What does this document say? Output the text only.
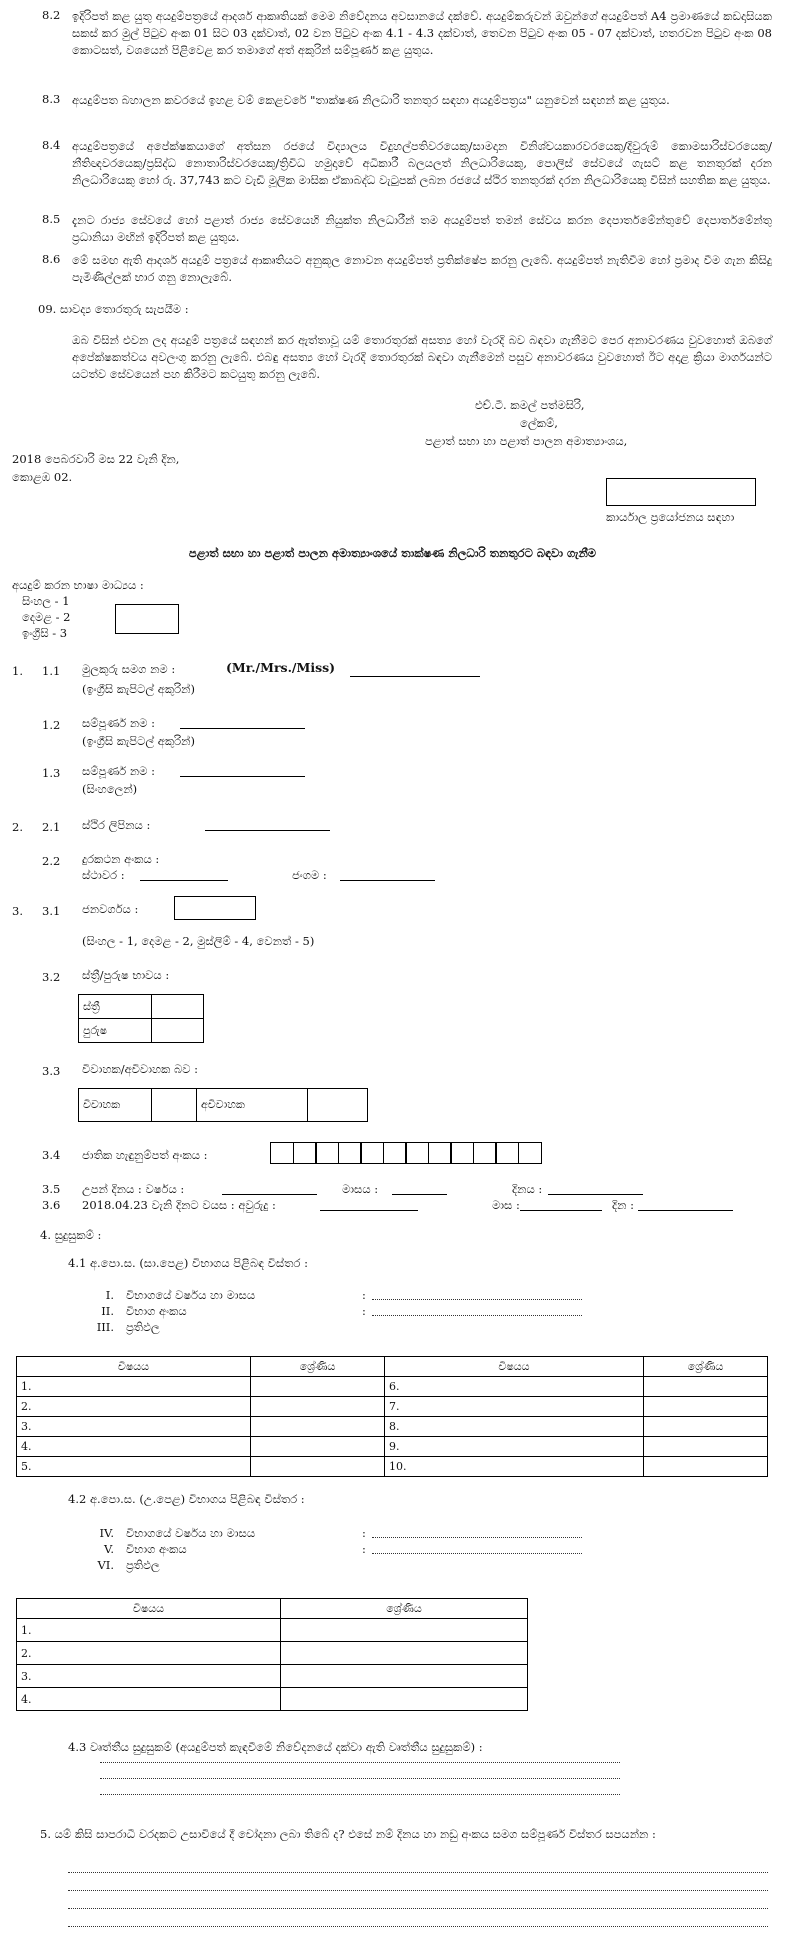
8.2 ඉදිරිපත් කළ යුතු අයදුම්පත්‍රයේ ආදර්ශ ආකෘතියක් මෙම නිවේදනය අවසානයේ දක්වේ. අයදුම්කරුවන් ඔවුන්ගේ අයදුම්පත් A4 ප්‍රමාණයේ කඩදාසියක සකස් කර මුල් පිටුව අංක 01 සිට 03 දක්වාත්, 02 වන පිටුව අංක 4.1 - 4.3 දක්වාත්, තෙවන පිටුව අංක 05 - 07 දක්වාත්, හතරවන පිටුව අංක 08 කොටසත්, වශයෙන් පිළිවෙළ කර තමාගේ අත් අකුරින් සම්පූර්ණ කළ යුතුය.
8.3 අයදුම්පත බහාලන කවරයේ ඉහළ වම් කෙළවරේ "තාක්ෂණ නිලධාරි තනතුර සඳහා අයදුම්පත්‍රය" යනුවෙන් සඳහන් කළ යුතුය.
8.4 අයදුම්පත්‍රයේ අපේක්ෂකයාගේ අත්සන රජයේ විද්‍යාලය විදුහල්පතිවරයෙකු/සාමදාන විනිශ්චයකාරවරයෙකු/දිවුරුම් කොමසාරිස්වරයෙකු/නීතිඥවරයෙකු/ප්‍රසිද්ධ නොතාරිස්වරයෙකු/ත්‍රිවිධ හමුදාවේ අධිකාරී බලයලත් නිලධාරියෙකු, පොලිස් සේවයේ ගැසට් කළ තනතුරක් දරන නිලධාරියෙකු හෝ රු. 37,743 කට වැඩි මූලික මාසික ඒකාබද්ධ වැටුපක් ලබන රජයේ ස්ථිර තනතුරක් දරන නිලධාරියෙකු විසින් සහතික කළ යුතුය.
8.5 දැනට රාජ්‍ය සේවයේ හෝ පළාත් රාජ්‍ය සේවයෙහි නියුක්ත නිලධාරීන් තම අයදුම්පත් තමන් සේවය කරන දෙපාර්තමේන්තුවේ දෙපාර්තමේන්තු ප්‍රධානියා මඟින් ඉදිරිපත් කළ යුතුය.
8.6 මේ සමඟ ඇති ආදර්ශ අයදුම් පත්‍රයේ ආකෘතියට අනුකූල නොවන අයදුම්පත් ප්‍රතික්ෂේප කරනු ලැබේ. අයදුම්පත් නැතිවීම හෝ ප්‍රමාද වීම ගැන කිසිදු පැමිණිල්ලක් භාර ගනු නොලැබේ.
09. සාවද්‍ය තොරතුරු සැපයීම :
ඔබ විසින් එවන ලද අයදුම් පත්‍රයේ සඳහන් කර ඇත්තාවූ යම් තොරතුරක් අසත්‍ය හෝ වැරදි බව බඳවා ගැනීමට පෙර අනාවරණය වුවහොත් ඔබගේ අපේක්ෂකත්වය අවලංගු කරනු ලැබේ. එබඳු අසත්‍ය හෝ වැරදි තොරතුරක් බඳවා ගැනීමෙන් පසුව අනාවරණය වුවහොත් ඊට අදාළ ක්‍රියා මාර්ගයන්ට යටත්ව සේවයෙන් පහ කිරීමට කටයුතු කරනු ලැබේ.
එච්.ටී. කමල් පත්මසිරි,
ලේකම්,
පළාත් සභා හා පළාත් පාලන අමාත්‍යාංශය,
2018 පෙබරවාරි මස 22 වැනි දින,
කොළඹ 02.
කාර්යාල ප්‍රයෝජනය සඳහා
පළාත් සභා හා පළාත් පාලන අමාත්‍යාංශයේ තාක්ෂණ නිලධාරි තනතුරට බඳවා ගැනීම
අයදුම් කරන භාෂා මාධ්‍යය :
සිංහල - 1
දෙමළ - 2
ඉංග්‍රීසි - 3
1. 1.1 මුලකුරු සමග නම :	(Mr./Mrs./Miss)
(ඉංග්‍රීසි කැපිටල් අකුරින්)
1.2 සම්පූර්ණ නම :
(ඉංග්‍රීසි කැපිටල් අකුරින්)
1.3 සම්පූර්ණ නම :
(සිංහලෙන්)
2. 2.1 ස්ථිර ලිපිනය :
2.2 දුරකථන අංකය :
ස්ථාවර :	ජංගම :
3. 3.1 ජනවර්ගය :
(සිංහල - 1, දෙමළ - 2, මුස්ලිම් - 4, වෙනත් - 5)
3.2 ස්ත්‍රී/පුරුෂ භාවය :
ස්ත්‍රී	
පුරුෂ	
3.3 විවාහක/අවිවාහක බව :
විවාහක		අවිවාහක	
3.4 ජාතික හැඳුනුම්පත් අංකය :
3.5 උපන් දිනය : වර්ෂය :	මාසය :	දිනය :
3.6 2018.04.23 වැනි දිනට වයස : අවුරුදු :	මාස :	දින :
4. සුදුසුකම් :
4.1 අ.පො.ස. (සා.පෙළ) විභාගය පිළිබඳ විස්තර :
I. විභාගයේ වර්ෂය හා මාසය	:
II. විභාග අංකය	:
III. ප්‍රතිඵල
විෂයය	ශ්‍රේණිය	විෂයය	ශ්‍රේණිය
1.		6.	
2.		7.	
3.		8.	
4.		9.	
5.		10.	
4.2 අ.පො.ස. (උ.පෙළ) විභාගය පිළිබඳ විස්තර :
IV. විභාගයේ වර්ෂය හා මාසය	:
V. විභාග අංකය	:
VI. ප්‍රතිඵල
විෂයය	ශ්‍රේණිය
1.	
2.	
3.	
4.	
4.3 වෘත්තීය සුදුසුකම් (අයදුම්පත් කැඳවීමේ නිවේදනයේ දක්වා ඇති වෘත්තීය සුදුසුකම්) :
5. යම් කිසි සාපරාධී වරදකට උසාවියේ දී චෝදනා ලබා තිබේ ද? එසේ නම් දිනය හා නඩු අංකය සමග සම්පූර්ණ විස්තර සපයන්න :
